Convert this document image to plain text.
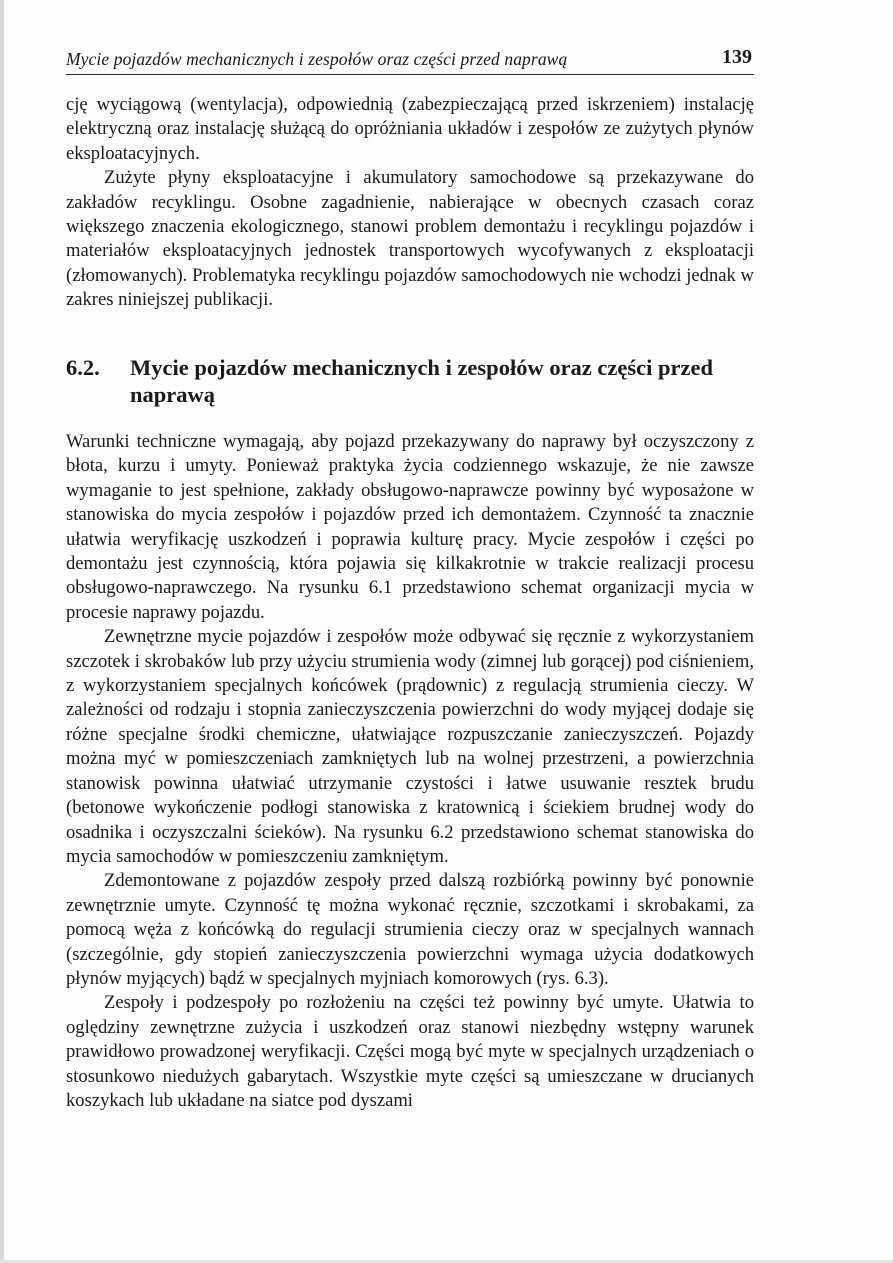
Mycie pojazdów mechanicznych i zespołów oraz części przed naprawą	139

cję wyciągową (wentylacja), odpowiednią (zabezpieczającą przed iskrzeniem) instalację elektryczną oraz instalację służącą do opróżniania układów i zespołów ze zużytych płynów eksploatacyjnych.

Zużyte płyny eksploatacyjne i akumulatory samochodowe są przekazywane do zakładów recyklingu. Osobne zagadnienie, nabierające w obecnych czasach coraz większego znaczenia ekologicznego, stanowi problem demontażu i recyklingu pojazdów i materiałów eksploatacyjnych jednostek transportowych wycofywanych z eksploatacji (złomowanych). Problematyka recyklingu pojazdów samochodowych nie wchodzi jednak w zakres niniejszej publikacji.

6.2. Mycie pojazdów mechanicznych i zespołów oraz części przed naprawą

Warunki techniczne wymagają, aby pojazd przekazywany do naprawy był oczyszczony z błota, kurzu i umyty. Ponieważ praktyka życia codziennego wskazuje, że nie zawsze wymaganie to jest spełnione, zakłady obsługowo-naprawcze powinny być wyposażone w stanowiska do mycia zespołów i pojazdów przed ich demontażem. Czynność ta znacznie ułatwia weryfikację uszkodzeń i poprawia kulturę pracy. Mycie zespołów i części po demontażu jest czynnością, która pojawia się kilkakrotnie w trakcie realizacji procesu obsługowo-naprawczego. Na rysunku 6.1 przedstawiono schemat organizacji mycia w procesie naprawy pojazdu.

Zewnętrzne mycie pojazdów i zespołów może odbywać się ręcznie z wykorzystaniem szczotek i skrobaków lub przy użyciu strumienia wody (zimnej lub gorącej) pod ciśnieniem, z wykorzystaniem specjalnych końcówek (prądownic) z regulacją strumienia cieczy. W zależności od rodzaju i stopnia zanieczyszczenia powierzchni do wody myjącej dodaje się różne specjalne środki chemiczne, ułatwiające rozpuszczanie zanieczyszczeń. Pojazdy można myć w pomieszczeniach zamkniętych lub na wolnej przestrzeni, a powierzchnia stanowisk powinna ułatwiać utrzymanie czystości i łatwe usuwanie resztek brudu (betonowe wykończenie podłogi stanowiska z kratownicą i ściekiem brudnej wody do osadnika i oczyszczalni ścieków). Na rysunku 6.2 przedstawiono schemat stanowiska do mycia samochodów w pomieszczeniu zamkniętym.

Zdemontowane z pojazdów zespoły przed dalszą rozbiórką powinny być ponownie zewnętrznie umyte. Czynność tę można wykonać ręcznie, szczotkami i skrobakami, za pomocą węża z końcówką do regulacji strumienia cieczy oraz w specjalnych wannach (szczególnie, gdy stopień zanieczyszczenia powierzchni wymaga użycia dodatkowych płynów myjących) bądź w specjalnych myjniach komorowych (rys. 6.3).

Zespoły i podzespoły po rozłożeniu na części też powinny być umyte. Ułatwia to oględziny zewnętrzne zużycia i uszkodzeń oraz stanowi niezbędny wstępny warunek prawidłowo prowadzonej weryfikacji. Części mogą być myte w specjalnych urządzeniach o stosunkowo niedużych gabarytach. Wszystkie myte części są umieszczane w drucianych koszykach lub układane na siatce pod dyszami
